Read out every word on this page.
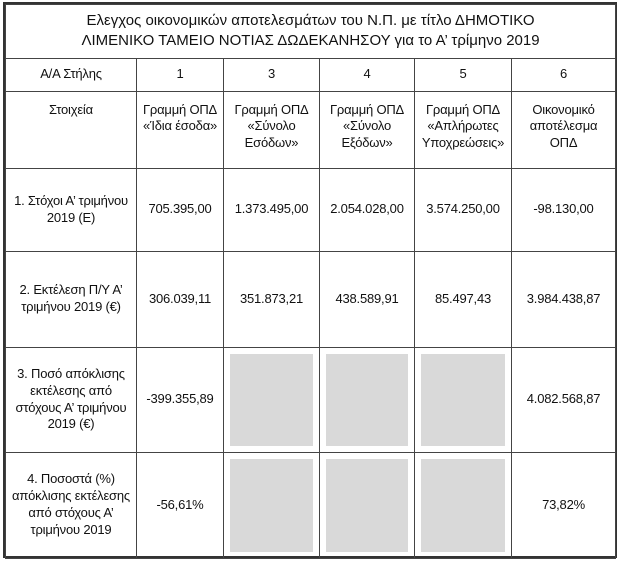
Ελεγχος οικονομικών αποτελεσμάτων του Ν.Π. με τίτλο ΔΗΜΟΤΙΚΟ
ΛΙΜΕΝΙΚΟ ΤΑΜΕΙΟ ΝΟΤΙΑΣ ΔΩΔΕΚΑΝΗΣΟΥ για το Α’ τρίμηνο 2019					

Α/Α Στήλης	1	3	4	5	6
Στοιχεία	Γραμμή ΟΠΔ «Ίδια έσοδα»	Γραμμή ΟΠΔ «Σύνολο Εσόδων»	Γραμμή ΟΠΔ «Σύνολο Εξόδων»	Γραμμή ΟΠΔ «Απλήρωτες Υποχρεώσεις»	Οικονομικό αποτέλεσμα ΟΠΔ
1. Στόχοι Α’ τριμήνου 2019 (Ε)	705.395,00	1.373.495,00	2.054.028,00	3.574.250,00	-98.130,00
2. Εκτέλεση Π/Υ Α’ τριμήνου 2019 (€)	306.039,11	351.873,21	438.589,91	85.497,43	3.984.438,87
3. Ποσό απόκλισης εκτέλεσης από στόχους Α’ τριμήνου 2019 (€)	-399.355,89				4.082.568,87
4. Ποσοστά (%) απόκλισης εκτέλεσης από στόχους Α’ τριμήνου 2019	-56,61%				73,82%
